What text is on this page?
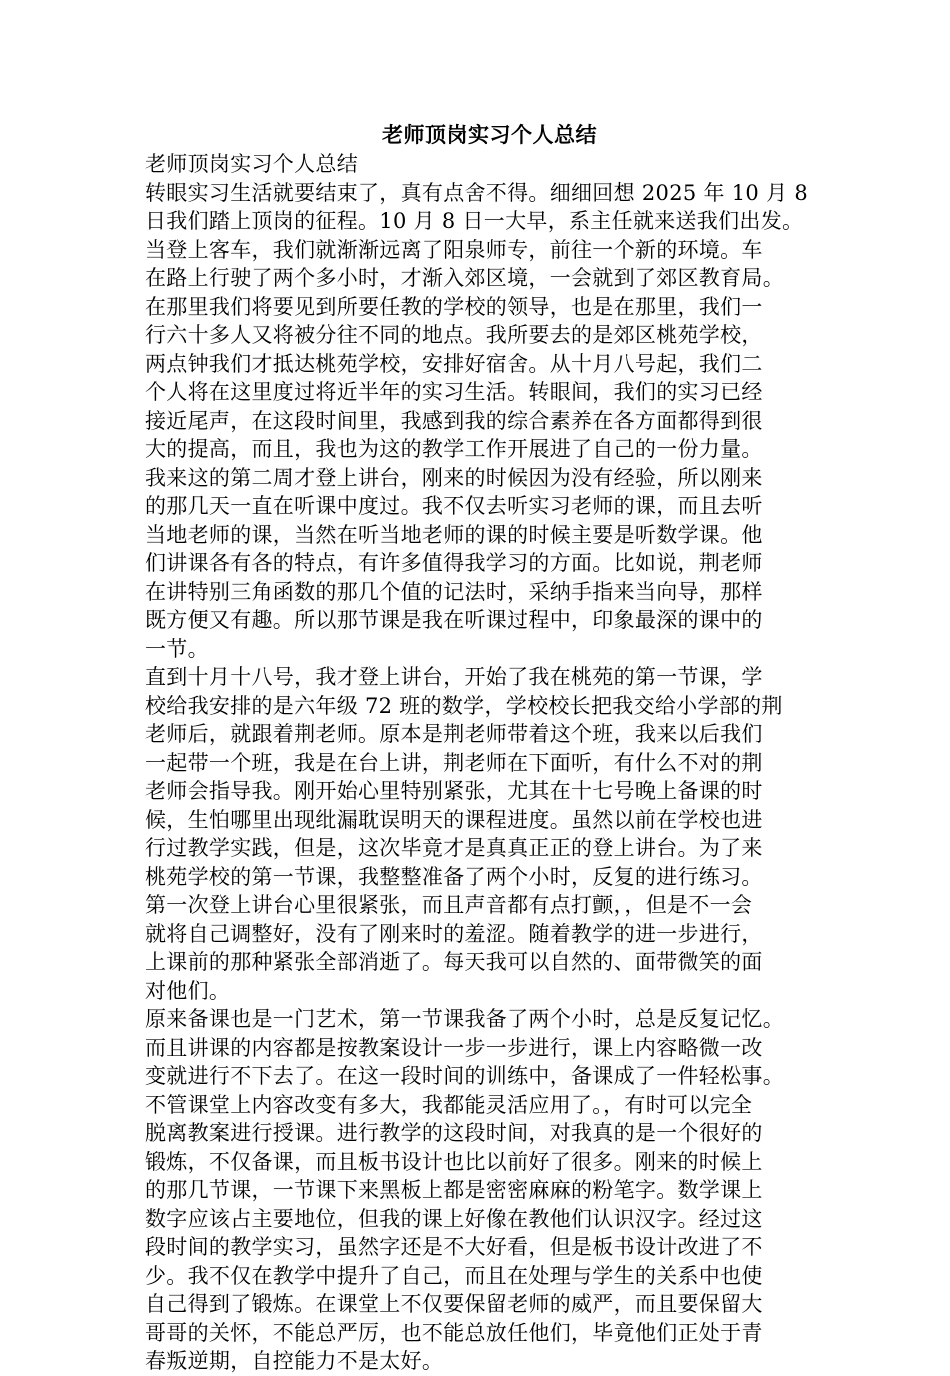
老师顶岗实习个人总结

老师顶岗实习个人总结

转眼实习生活就要结束了，真有点舍不得。细细回想 2025 年 10 月 8

日我们踏上顶岗的征程。10 月 8 日一大早，系主任就来送我们出发。

当登上客车，我们就渐渐远离了阳泉师专，前往一个新的环境。车

在路上行驶了两个多小时，才渐入郊区境，一会就到了郊区教育局。

在那里我们将要见到所要任教的学校的领导，也是在那里，我们一

行六十多人又将被分往不同的地点。我所要去的是郊区桃苑学校，

两点钟我们才抵达桃苑学校，安排好宿舍。从十月八号起，我们二

个人将在这里度过将近半年的实习生活。转眼间，我们的实习已经

接近尾声，在这段时间里，我感到我的综合素养在各方面都得到很

大的提高，而且，我也为这的教学工作开展进了自己的一份力量。

我来这的第二周才登上讲台，刚来的时候因为没有经验，所以刚来

的那几天一直在听课中度过。我不仅去听实习老师的课，而且去听

当地老师的课，当然在听当地老师的课的时候主要是听数学课。他

们讲课各有各的特点，有许多值得我学习的方面。比如说，荆老师

在讲特别三角函数的那几个值的记法时，采纳手指来当向导，那样

既方便又有趣。所以那节课是我在听课过程中，印象最深的课中的

一节。

直到十月十八号，我才登上讲台，开始了我在桃苑的第一节课，学

校给我安排的是六年级 72 班的数学，学校校长把我交给小学部的荆

老师后，就跟着荆老师。原本是荆老师带着这个班，我来以后我们

一起带一个班，我是在台上讲，荆老师在下面听，有什么不对的荆

老师会指导我。刚开始心里特别紧张，尤其在十七号晚上备课的时

候，生怕哪里出现纰漏耽误明天的课程进度。虽然以前在学校也进

行过教学实践，但是，这次毕竟才是真真正正的登上讲台。为了来

桃苑学校的第一节课，我整整准备了两个小时，反复的进行练习。

第一次登上讲台心里很紧张，而且声音都有点打颤，，但是不一会

就将自己调整好，没有了刚来时的羞涩。随着教学的进一步进行，

上课前的那种紧张全部消逝了。每天我可以自然的、面带微笑的面

对他们。

原来备课也是一门艺术，第一节课我备了两个小时，总是反复记忆。

而且讲课的内容都是按教案设计一步一步进行，课上内容略微一改

变就进行不下去了。在这一段时间的训练中，备课成了一件轻松事。

不管课堂上内容改变有多大，我都能灵活应用了。，有时可以完全

脱离教案进行授课。进行教学的这段时间，对我真的是一个很好的

锻炼，不仅备课，而且板书设计也比以前好了很多。刚来的时候上

的那几节课，一节课下来黑板上都是密密麻麻的粉笔字。数学课上

数字应该占主要地位，但我的课上好像在教他们认识汉字。经过这

段时间的教学实习，虽然字还是不大好看，但是板书设计改进了不

少。我不仅在教学中提升了自己，而且在处理与学生的关系中也使

自己得到了锻炼。在课堂上不仅要保留老师的威严，而且要保留大

哥哥的关怀，不能总严厉，也不能总放任他们，毕竟他们正处于青

春叛逆期，自控能力不是太好。
